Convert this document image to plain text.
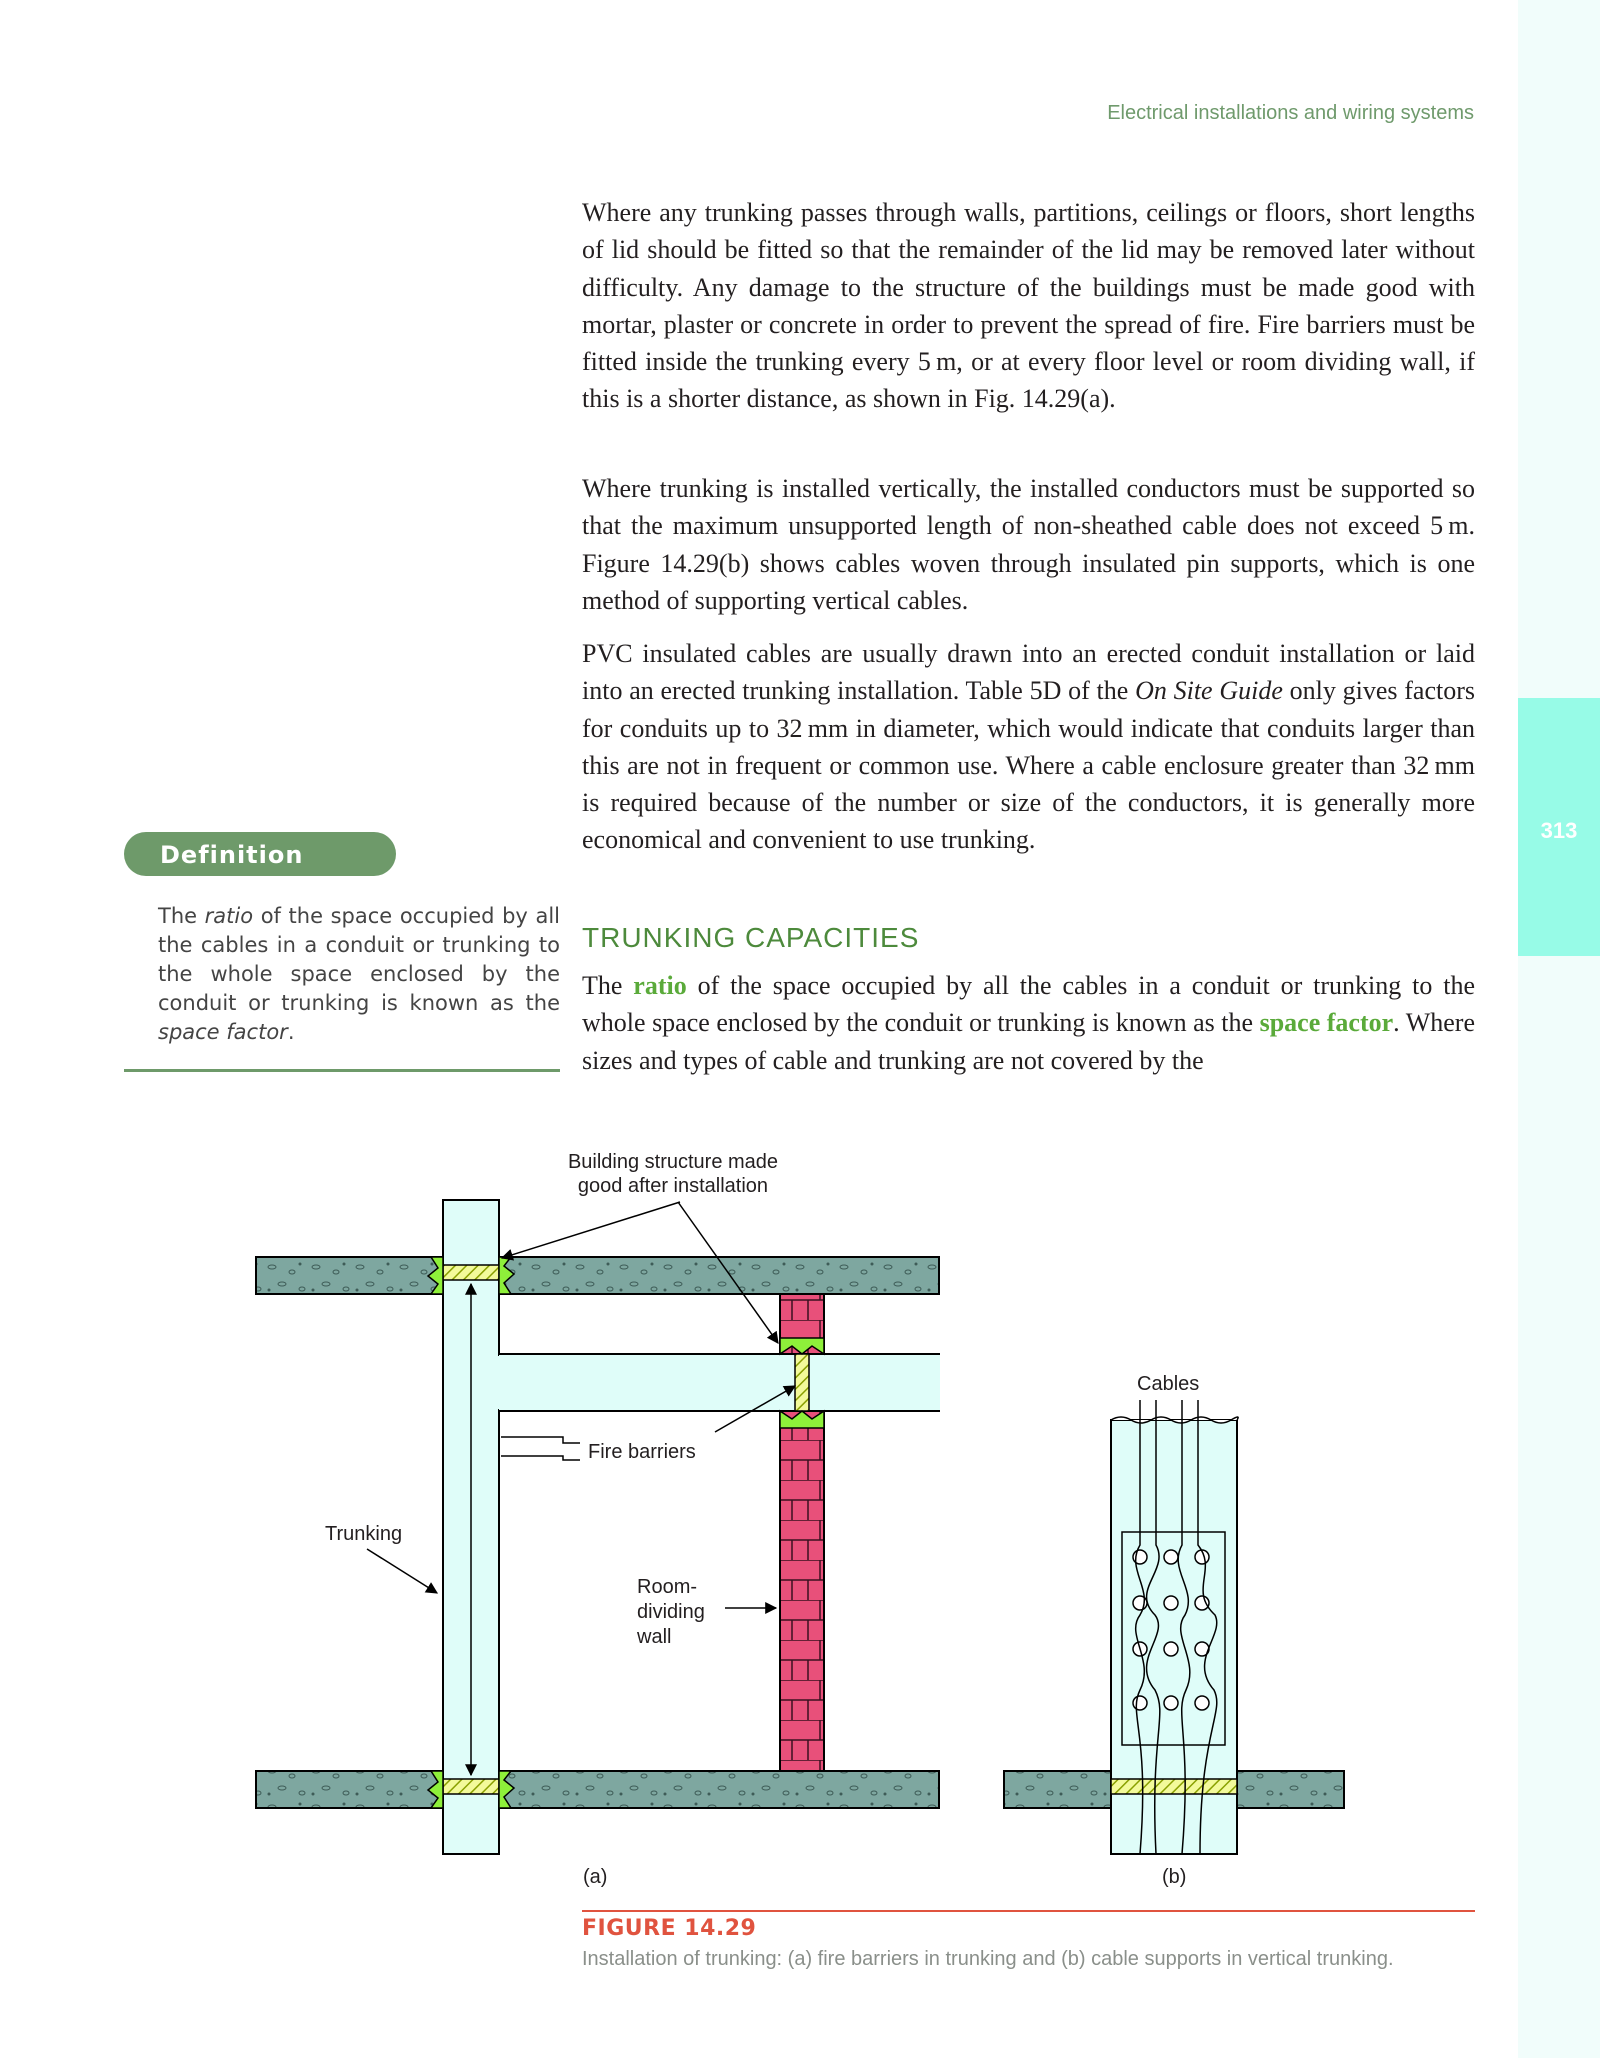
313
Electrical installations and wiring systems

Where any trunking passes through walls, partitions, ceilings or floors, short lengths of lid should be fitted so that the remainder of the lid may be removed later without difficulty. Any damage to the structure of the buildings must be made good with mortar, plaster or concrete in order to prevent the spread of fire. Fire barriers must be fitted inside the trunking every 5 m, or at every floor level or room dividing wall, if this is a shorter distance, as shown in Fig. 14.29(a).

Where trunking is installed vertically, the installed conductors must be supported so that the maximum unsupported length of non-sheathed cable does not exceed 5 m. Figure 14.29(b) shows cables woven through insulated pin supports, which is one method of supporting vertical cables.

PVC insulated cables are usually drawn into an erected conduit installation or laid into an erected trunking installation. Table 5D of the On Site Guide only gives factors for conduits up to 32 mm in diameter, which would indicate that conduits larger than this are not in frequent or common use. Where a cable enclosure greater than 32 mm is required because of the number or size of the conductors, it is generally more economical and convenient to use trunking.

TRUNKING CAPACITIES

The ratio of the space occupied by all the cables in a conduit or trunking to the whole space enclosed by the conduit or trunking is known as the space factor. Where sizes and types of cable and trunking are not covered by the

Definition
The ratio of the space occupied by all the cables in a conduit or trunking to the whole space enclosed by the conduit or trunking is known as the space factor.
Building structure made
good after installation
Fire barriers
Trunking
Room-
dividing
wall
Cables
(a)	(b)
FIGURE 14.29
Installation of trunking: (a) fire barriers in trunking and (b) cable supports in vertical trunking.
